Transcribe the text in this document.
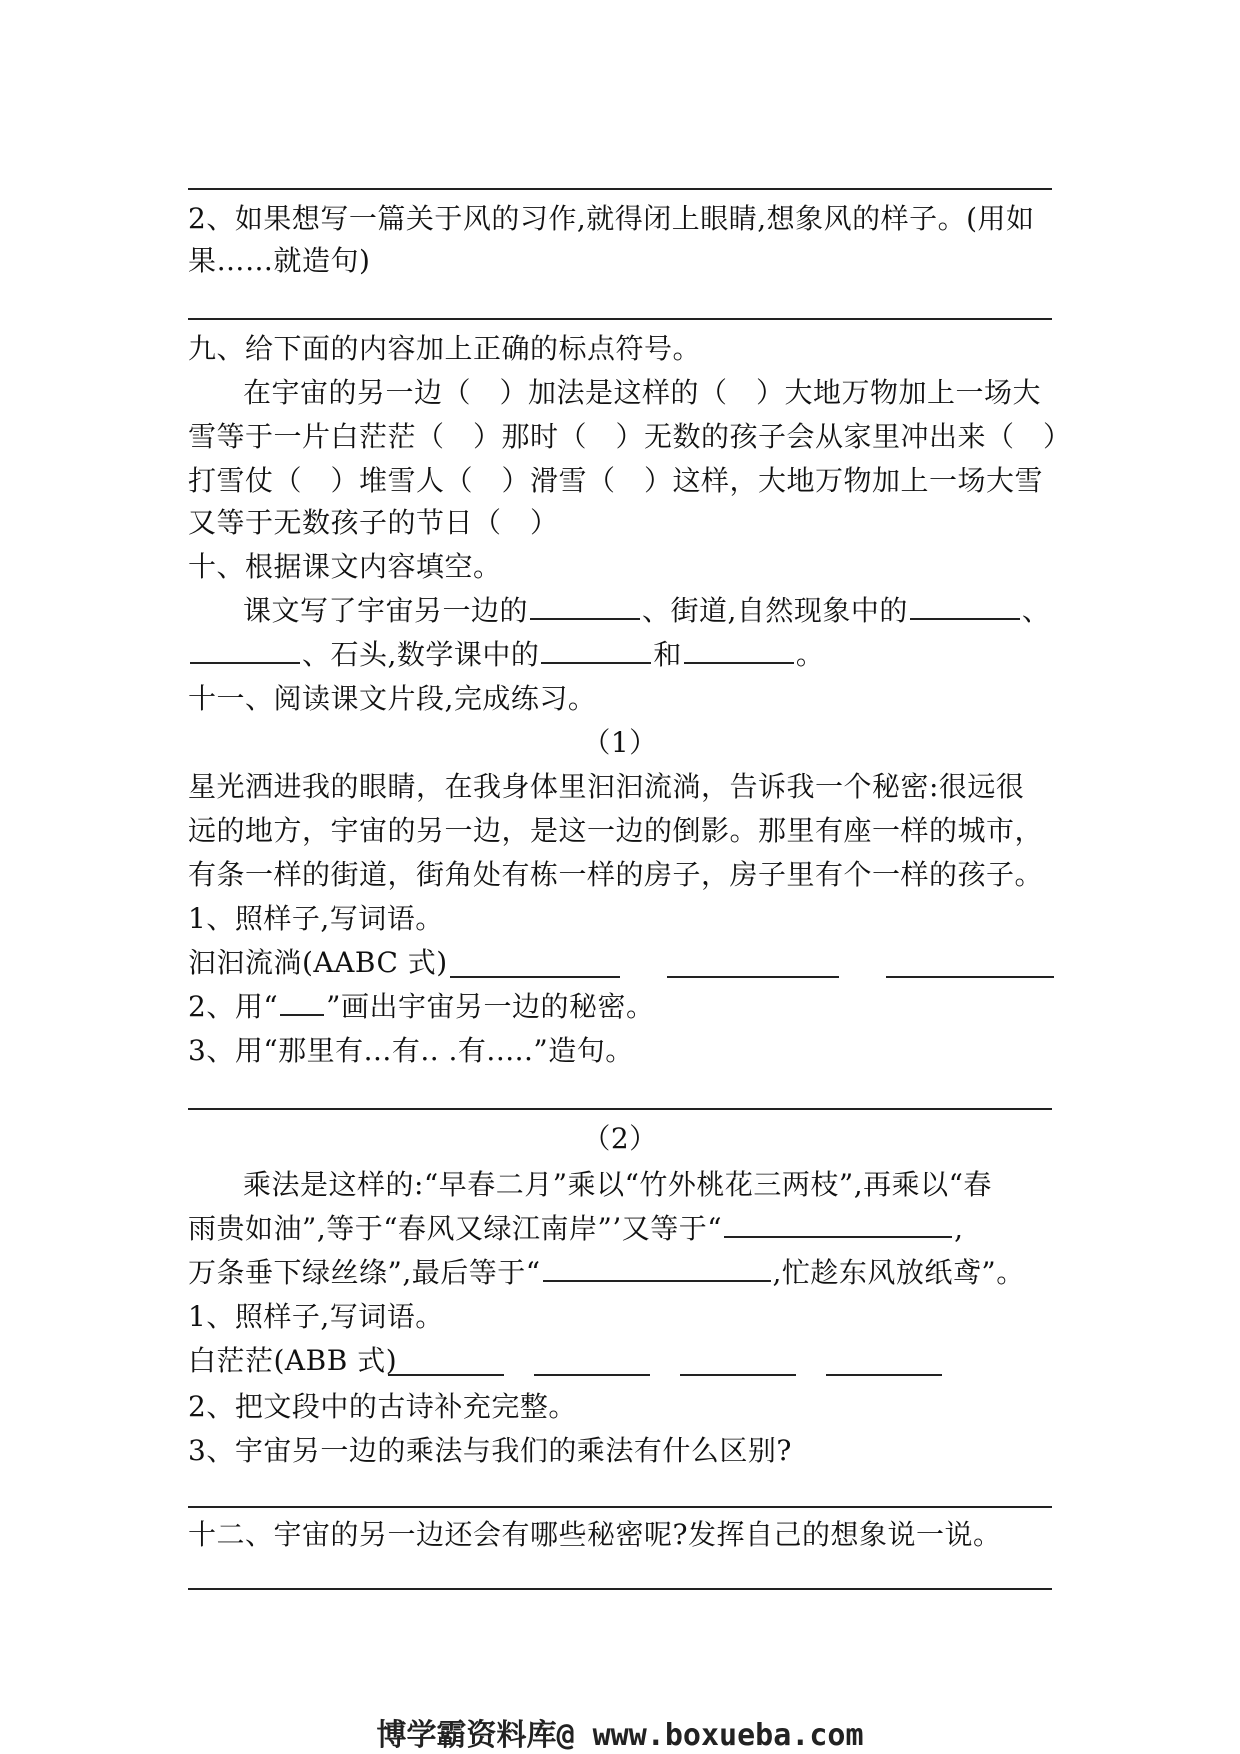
2、如果想写一篇关于风的习作,就得闭上眼睛,想象风的样子。(用如
果……就造句)
九、给下面的内容加上正确的标点符号。
在宇宙的另一边（　）加法是这样的（　）大地万物加上一场大
雪等于一片白茫茫（　）那时（　）无数的孩子会从家里冲出来（　）
打雪仗（　）堆雪人（　）滑雪（　）这样，大地万物加上一场大雪
又等于无数孩子的节日（　）
十、根据课文内容填空。
课文写了宇宙另一边的	、街道,自然现象中的	、
、石头,数学课中的	和	。
十一、阅读课文片段,完成练习。
（1）
星光洒进我的眼睛，在我身体里汩汩流淌，告诉我一个秘密:很远很
远的地方，宇宙的另一边，是这一边的倒影。那里有座一样的城市，
有条一样的街道，街角处有栋一样的房子，房子里有个一样的孩子。
1、照样子,写词语。
汩汩流淌(AABC 式)
2、用“ ”画出宇宙另一边的秘密。
3、用“那里有...有.. .有.....”造句。
（2）
乘法是这样的:“早春二月”乘以“竹外桃花三两枝”,再乘以“春
雨贵如油”,等于“春风又绿江南岸”’又等于“	,
万条垂下绿丝绦”,最后等于“	,忙趁东风放纸鸢”。
1、照样子,写词语。
白茫茫(ABB 式)
2、把文段中的古诗补充完整。
3、宇宙另一边的乘法与我们的乘法有什么区别?
十二、宇宙的另一边还会有哪些秘密呢?发挥自己的想象说一说。
博学霸资料库@ www.boxueba.com
